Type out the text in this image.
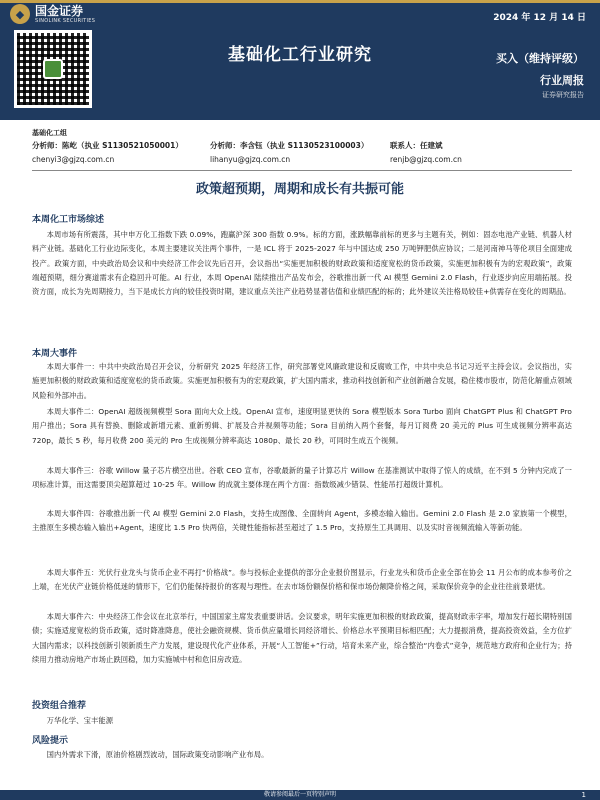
◆ 国金证券
SINOLINK SECURITIES	2024 年 12 月 14 日
基础化工行业研究	买入（维持评级）
行业周报
证券研究报告
基础化工组
分析师：陈屹（执业 S1130521050001）
chenyi3@gjzq.com.cn
分析师：李含钰（执业 S1130523100003）
lihanyu@gjzq.com.cn
联系人：任建斌
renjb@gjzq.com.cn
政策超预期，周期和成长有共振可能
本周化工市场综述
本周市场有所震荡，其中申万化工指数下跌 0.09%，跑赢沪深 300 指数 0.9%。标的方面，涨跌幅靠前标的更多与主题有关，例如：固态电池产业链、机器人材料产业链。基础化工行业边际变化，本周主要建议关注两个事件，一是 ICL 将于 2025-2027 年与中国达成 250 万吨钾肥供应协议；二是河南神马等伦项目全面建成投产。政策方面，中央政治局会议和中央经济工作会议先后召开，会议指出“实施更加积极的财政政策和适度宽松的货币政策，实施更加积极有为的宏观政策”，政策端超预期，细分赛道需求有企稳回升可能。AI 行业，本周 OpenAI 陆续推出产品发布会，谷歌推出新一代 AI 模型 Gemini 2.0 Flash，行业逐步向应用端拓展。投资方面，成长为先周期接力，当下是成长方向的较佳投资时期，建议重点关注产业趋势显著估值和业绩匹配的标的；此外建议关注格局较佳+供需存在变化的周期品。
本周大事件
本周大事件一：中共中央政治局召开会议，分析研究 2025 年经济工作，研究部署党风廉政建设和反腐败工作，中共中央总书记习近平主持会议。会议指出，实施更加积极的财政政策和适度宽松的货币政策。实施更加积极有为的宏观政策，扩大国内需求，推动科技创新和产业创新融合发展，稳住楼市股市，防范化解重点领域风险和外部冲击。
本周大事件二：OpenAI 超级视频模型 Sora 面向大众上线。OpenAI 宣布，速度明显更快的 Sora 模型版本 Sora Turbo 面向 ChatGPT Plus 和 ChatGPT Pro 用户推出；Sora 具有替换、删除或新增元素、重新剪辑、扩展及合并视频等功能；Sora 目前纳入两个套餐，每月订阅费 20 美元的 Plus 可生成视频分辨率高达 720p，最长 5 秒，每月收费 200 美元的 Pro 生成视频分辨率高达 1080p、最长 20 秒，可同时生成五个视频。
本周大事件三：谷歌 Willow 量子芯片横空出世。谷歌 CEO 宣布，谷歌最新的量子计算芯片 Willow 在基准测试中取得了惊人的成绩，在不到 5 分钟内完成了一项标准计算，而这需要顶尖超算超过 10-25 年。Willow 的成就主要体现在两个方面：指数级减少错误、性能吊打超级计算机。
本周大事件四：谷歌推出新一代 AI 模型 Gemini 2.0 Flash，支持生成图像、全面转向 Agent，多模态输入输出。Gemini 2.0 Flash 是 2.0 家族第一个模型，主推原生多模态输入输出+Agent，速度比 1.5 Pro 快两倍，关键性能指标甚至超过了 1.5 Pro，支持原生工具调用、以及实时音视频流输入等新功能。
本周大事件五：光伏行业龙头与货币企业不再打“价格战”。参与投标企业提供的部分企业报价图显示，行业龙头和货币企业全部在协会 11 月公布的成本参考价之上端，在光伏产业链价格低迷的情形下，它们仍能保持报价的客观与理性。在去市场份额保价格和保市场份额降价格之间，采取保价竞争的企业往往前景堪忧。
本周大事件六：中央经济工作会议在北京举行，中国国家主席发表重要讲话。会议要求，明年实施更加积极的财政政策，提高财政赤字率，增加发行超长期特别国债；实施适度宽松的货币政策，适时降准降息，使社会融资规模、货币供应量增长同经济增长、价格总水平预期目标相匹配；大力提振消费，提高投资效益，全方位扩大国内需求；以科技创新引领新质生产力发展，建设现代化产业体系，开展“人工智能+”行动，培育未来产业，综合整治“内卷式”竞争，规范地方政府和企业行为；持续用力推动房地产市场止跌回稳，加力实施城中村和危旧房改造。
投资组合推荐
万华化学、宝丰能源
风险提示
国内外需求下滑，原油价格剧烈波动，国际政策变动影响产业布局。
敬请参阅最后一页特别声明	1
